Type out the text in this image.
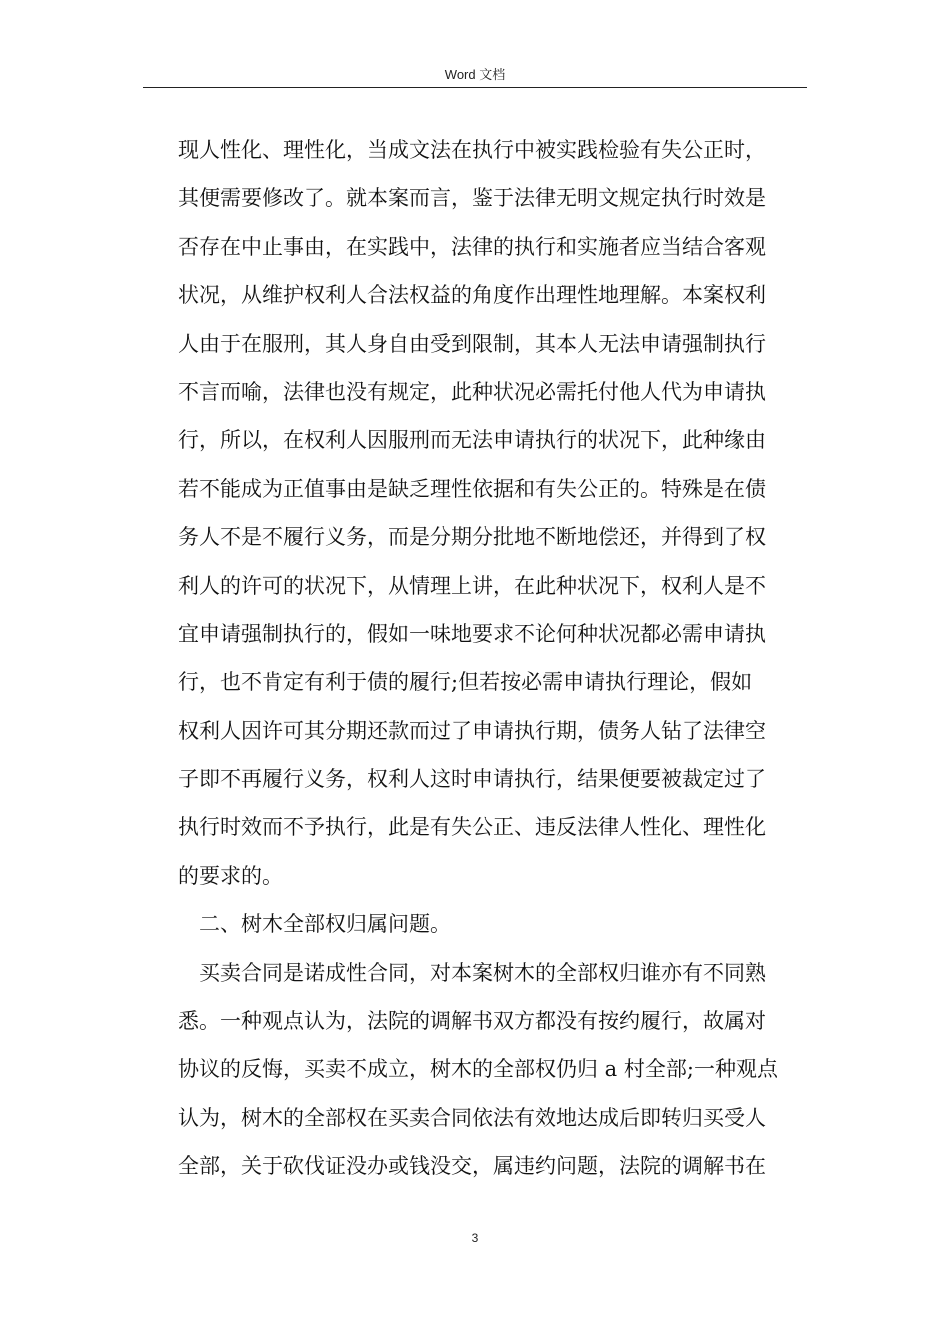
Word 文档
现人性化、理性化，当成文法在执行中被实践检验有失公正时，
其便需要修改了。就本案而言，鉴于法律无明文规定执行时效是
否存在中止事由，在实践中，法律的执行和实施者应当结合客观
状况，从维护权利人合法权益的角度作出理性地理解。本案权利
人由于在服刑，其人身自由受到限制，其本人无法申请强制执行
不言而喻，法律也没有规定，此种状况必需托付他人代为申请执
行，所以，在权利人因服刑而无法申请执行的状况下，此种缘由
若不能成为正值事由是缺乏理性依据和有失公正的。特殊是在债
务人不是不履行义务，而是分期分批地不断地偿还，并得到了权
利人的许可的状况下，从情理上讲，在此种状况下，权利人是不
宜申请强制执行的，假如一味地要求不论何种状况都必需申请执
行，也不肯定有利于债的履行;但若按必需申请执行理论，假如
权利人因许可其分期还款而过了申请执行期，债务人钻了法律空
子即不再履行义务，权利人这时申请执行，结果便要被裁定过了
执行时效而不予执行，此是有失公正、违反法律人性化、理性化
的要求的。
二、树木全部权归属问题。
买卖合同是诺成性合同，对本案树木的全部权归谁亦有不同熟
悉。一种观点认为，法院的调解书双方都没有按约履行，故属对
协议的反悔，买卖不成立，树木的全部权仍归 a 村全部;一种观点
认为，树木的全部权在买卖合同依法有效地达成后即转归买受人
全部，关于砍伐证没办或钱没交，属违约问题，法院的调解书在
3
